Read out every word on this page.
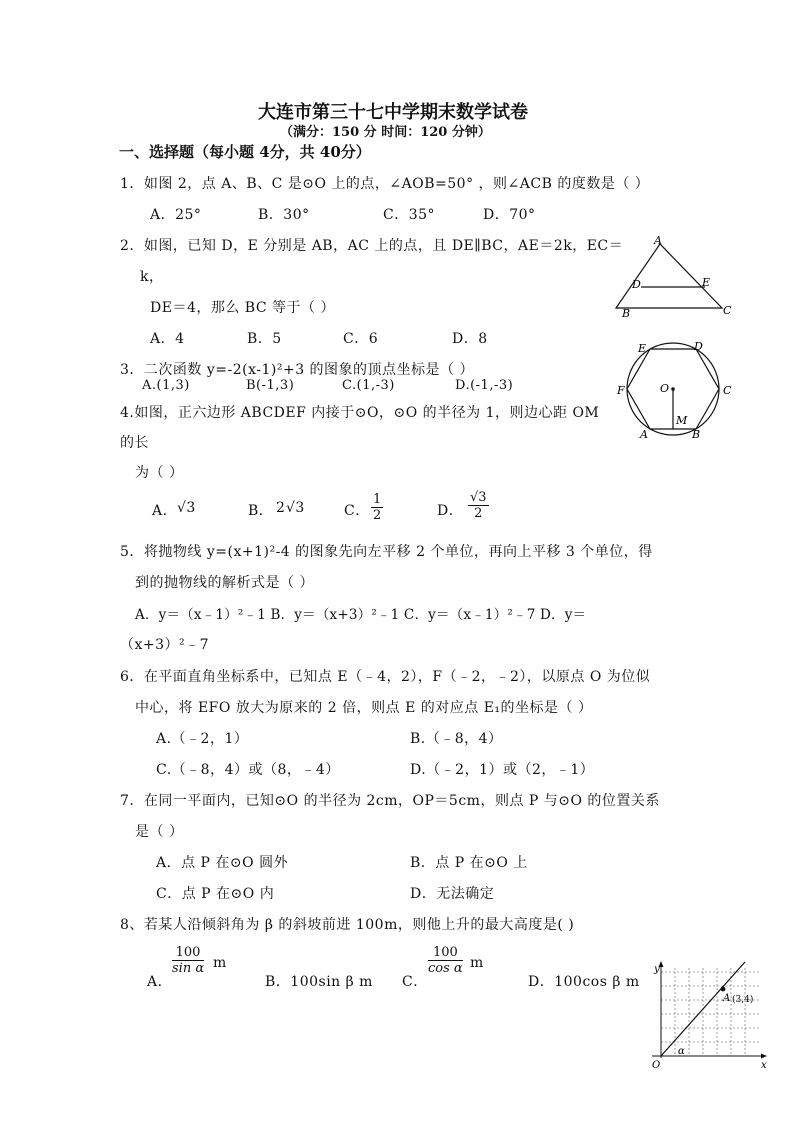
大连市第三十七中学期末数学试卷
（满分：150 分 时间：120 分钟）
一、选择题（每小题 4分，共 40分）
1．如图 2，点 A、B、C 是⊙O 上的点，∠AOB=50° ，则∠ACB 的度数是（ ）
A．25°	B．30°	C．35°	D．70°
2．如图，已知 D，E 分别是 AB，AC 上的点，且 DE∥BC，AE＝2k，EC＝
k，
DE＝4，那么 BC 等于（ ）
A．4	B．5	C．6	D．8
A
D	E
B	C
3．二次函数 y=-2(x-1)²+3 的图象的顶点坐标是（ ）
A.(1,3)	B(-1,3)	C.(1,-3)	D.(-1,-3)
4.如图，正六边形 ABCDEF 内接于⊙O，⊙O 的半径为 1，则边心距 OM
的长
为（ ）
A． √3	B． 2 √3	C． $\frac{1}{2}$	D． $\frac{√3}{2}$
E	D
F	O	C
M
A	B
5．将抛物线 y=(x+1)²-4 的图象先向左平移 2 个单位，再向上平移 3 个单位，得
到的抛物线的解析式是（ ）
A．y＝（x﹣1）²﹣1 B．y＝（x+3）²﹣1 C．y＝（x﹣1）²﹣7 D．y＝
（x+3）²﹣7
6．在平面直角坐标系中，已知点 E（﹣4，2），F（﹣2，﹣2），以原点 O 为位似
中心，将 EFO 放大为原来的 2 倍，则点 E 的对应点 E₁的坐标是（ ）
A.（﹣2，1）	B.（﹣8，4）
C.（﹣8，4）或（8，﹣4）	D.（﹣2，1）或（2，﹣1）
7．在同一平面内，已知⊙O 的半径为 2cm，OP＝5cm，则点 P 与⊙O 的位置关系
是（ ）
A．点 P 在⊙O 圆外	B．点 P 在⊙O 上
C．点 P 在⊙O 内	D．无法确定
8、若某人沿倾斜角为 β 的斜坡前进 100m，则他上升的最大高度是( )
A．
$\frac{100}{\text{sin α}}$ m
B．100sin β m C．
$\frac{100}{\text{cos α}}$ m
D．100cos β m
y
A (3,4)
α
O	x
